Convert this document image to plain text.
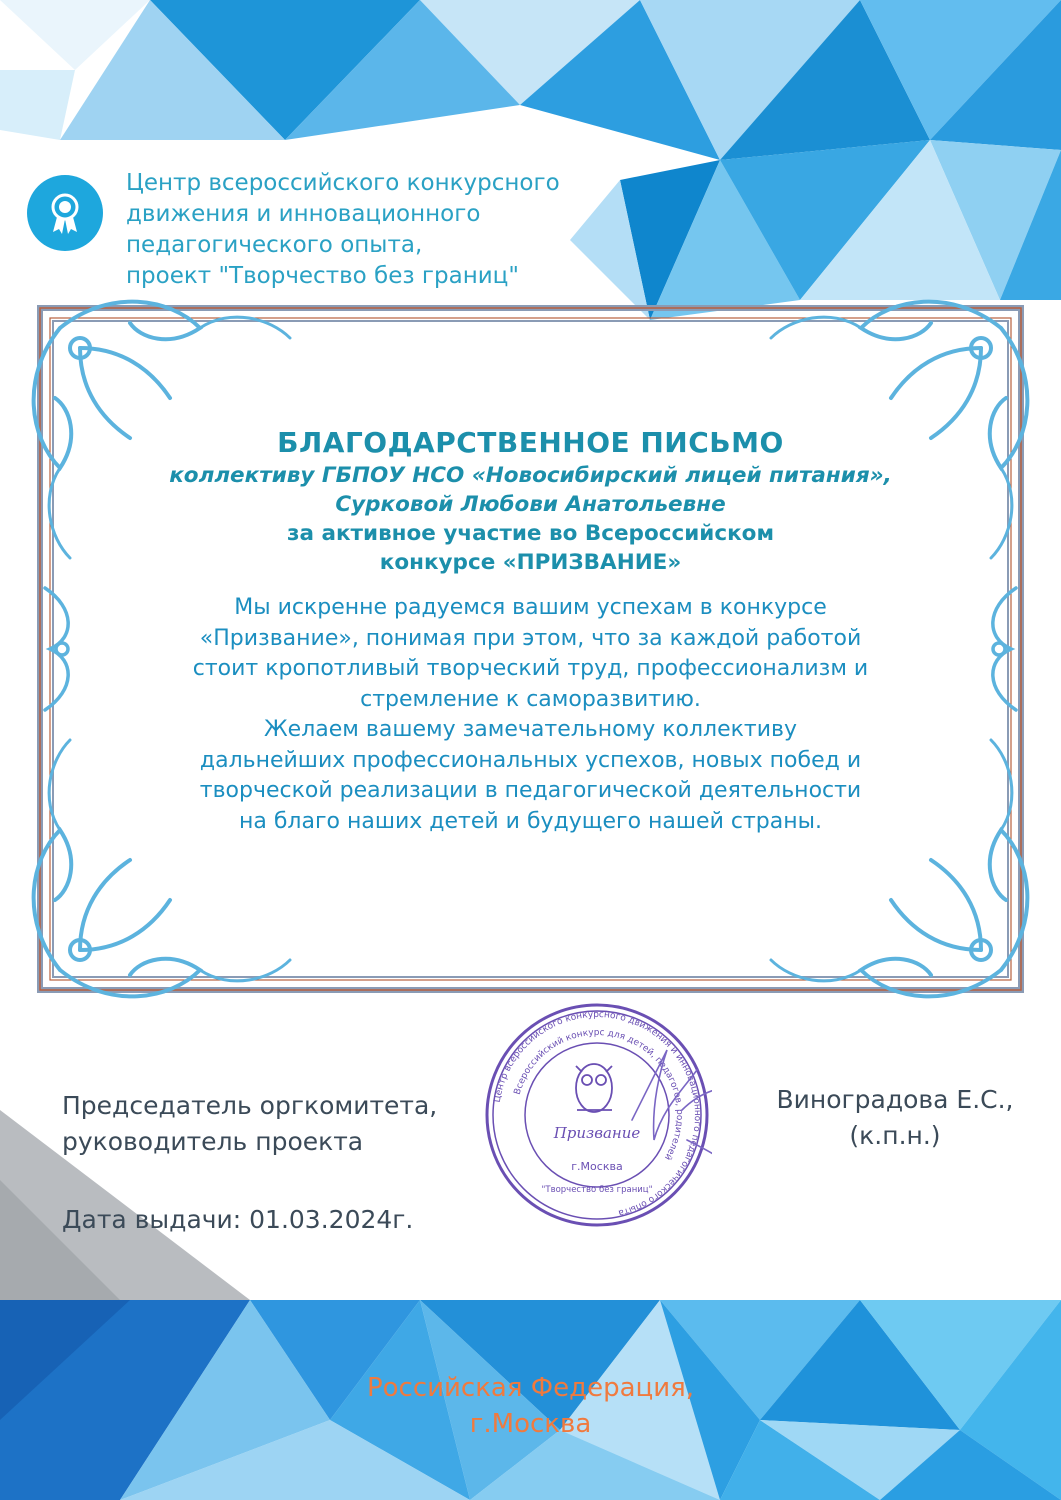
Центр всероссийского конкурсного
движения и инновационного
педагогического опыта,
проект "Творчество без границ"
БЛАГОДАРСТВЕННОЕ ПИСЬМО
коллективу ГБПОУ НСО «Новосибирский лицей питания»,
Сурковой Любови Анатольевне
за активное участие во Всероссийском
конкурсе «ПРИЗВАНИЕ»
Мы искренне радуемся вашим успехам в конкурсе
«Призвание», понимая при этом, что за каждой работой
стоит кропотливый творческий труд, профессионализм и
стремление к саморазвитию.
Желаем вашему замечательному коллективу
дальнейших профессиональных успехов, новых побед и
творческой реализации в педагогической деятельности
на благо наших детей и будущего нашей страны.
Центр всероссийского конкурсного движения и инновационного педагогического опыта
Всероссийский конкурс для детей, педагогов, родителей
Призвание
г.Москва
"Творчество без границ"
Председатель оргкомитета,
руководитель проекта
Виноградова Е.С.,
(к.п.н.)
Дата выдачи: 01.03.2024г.
Российская Федерация,
г.Москва
